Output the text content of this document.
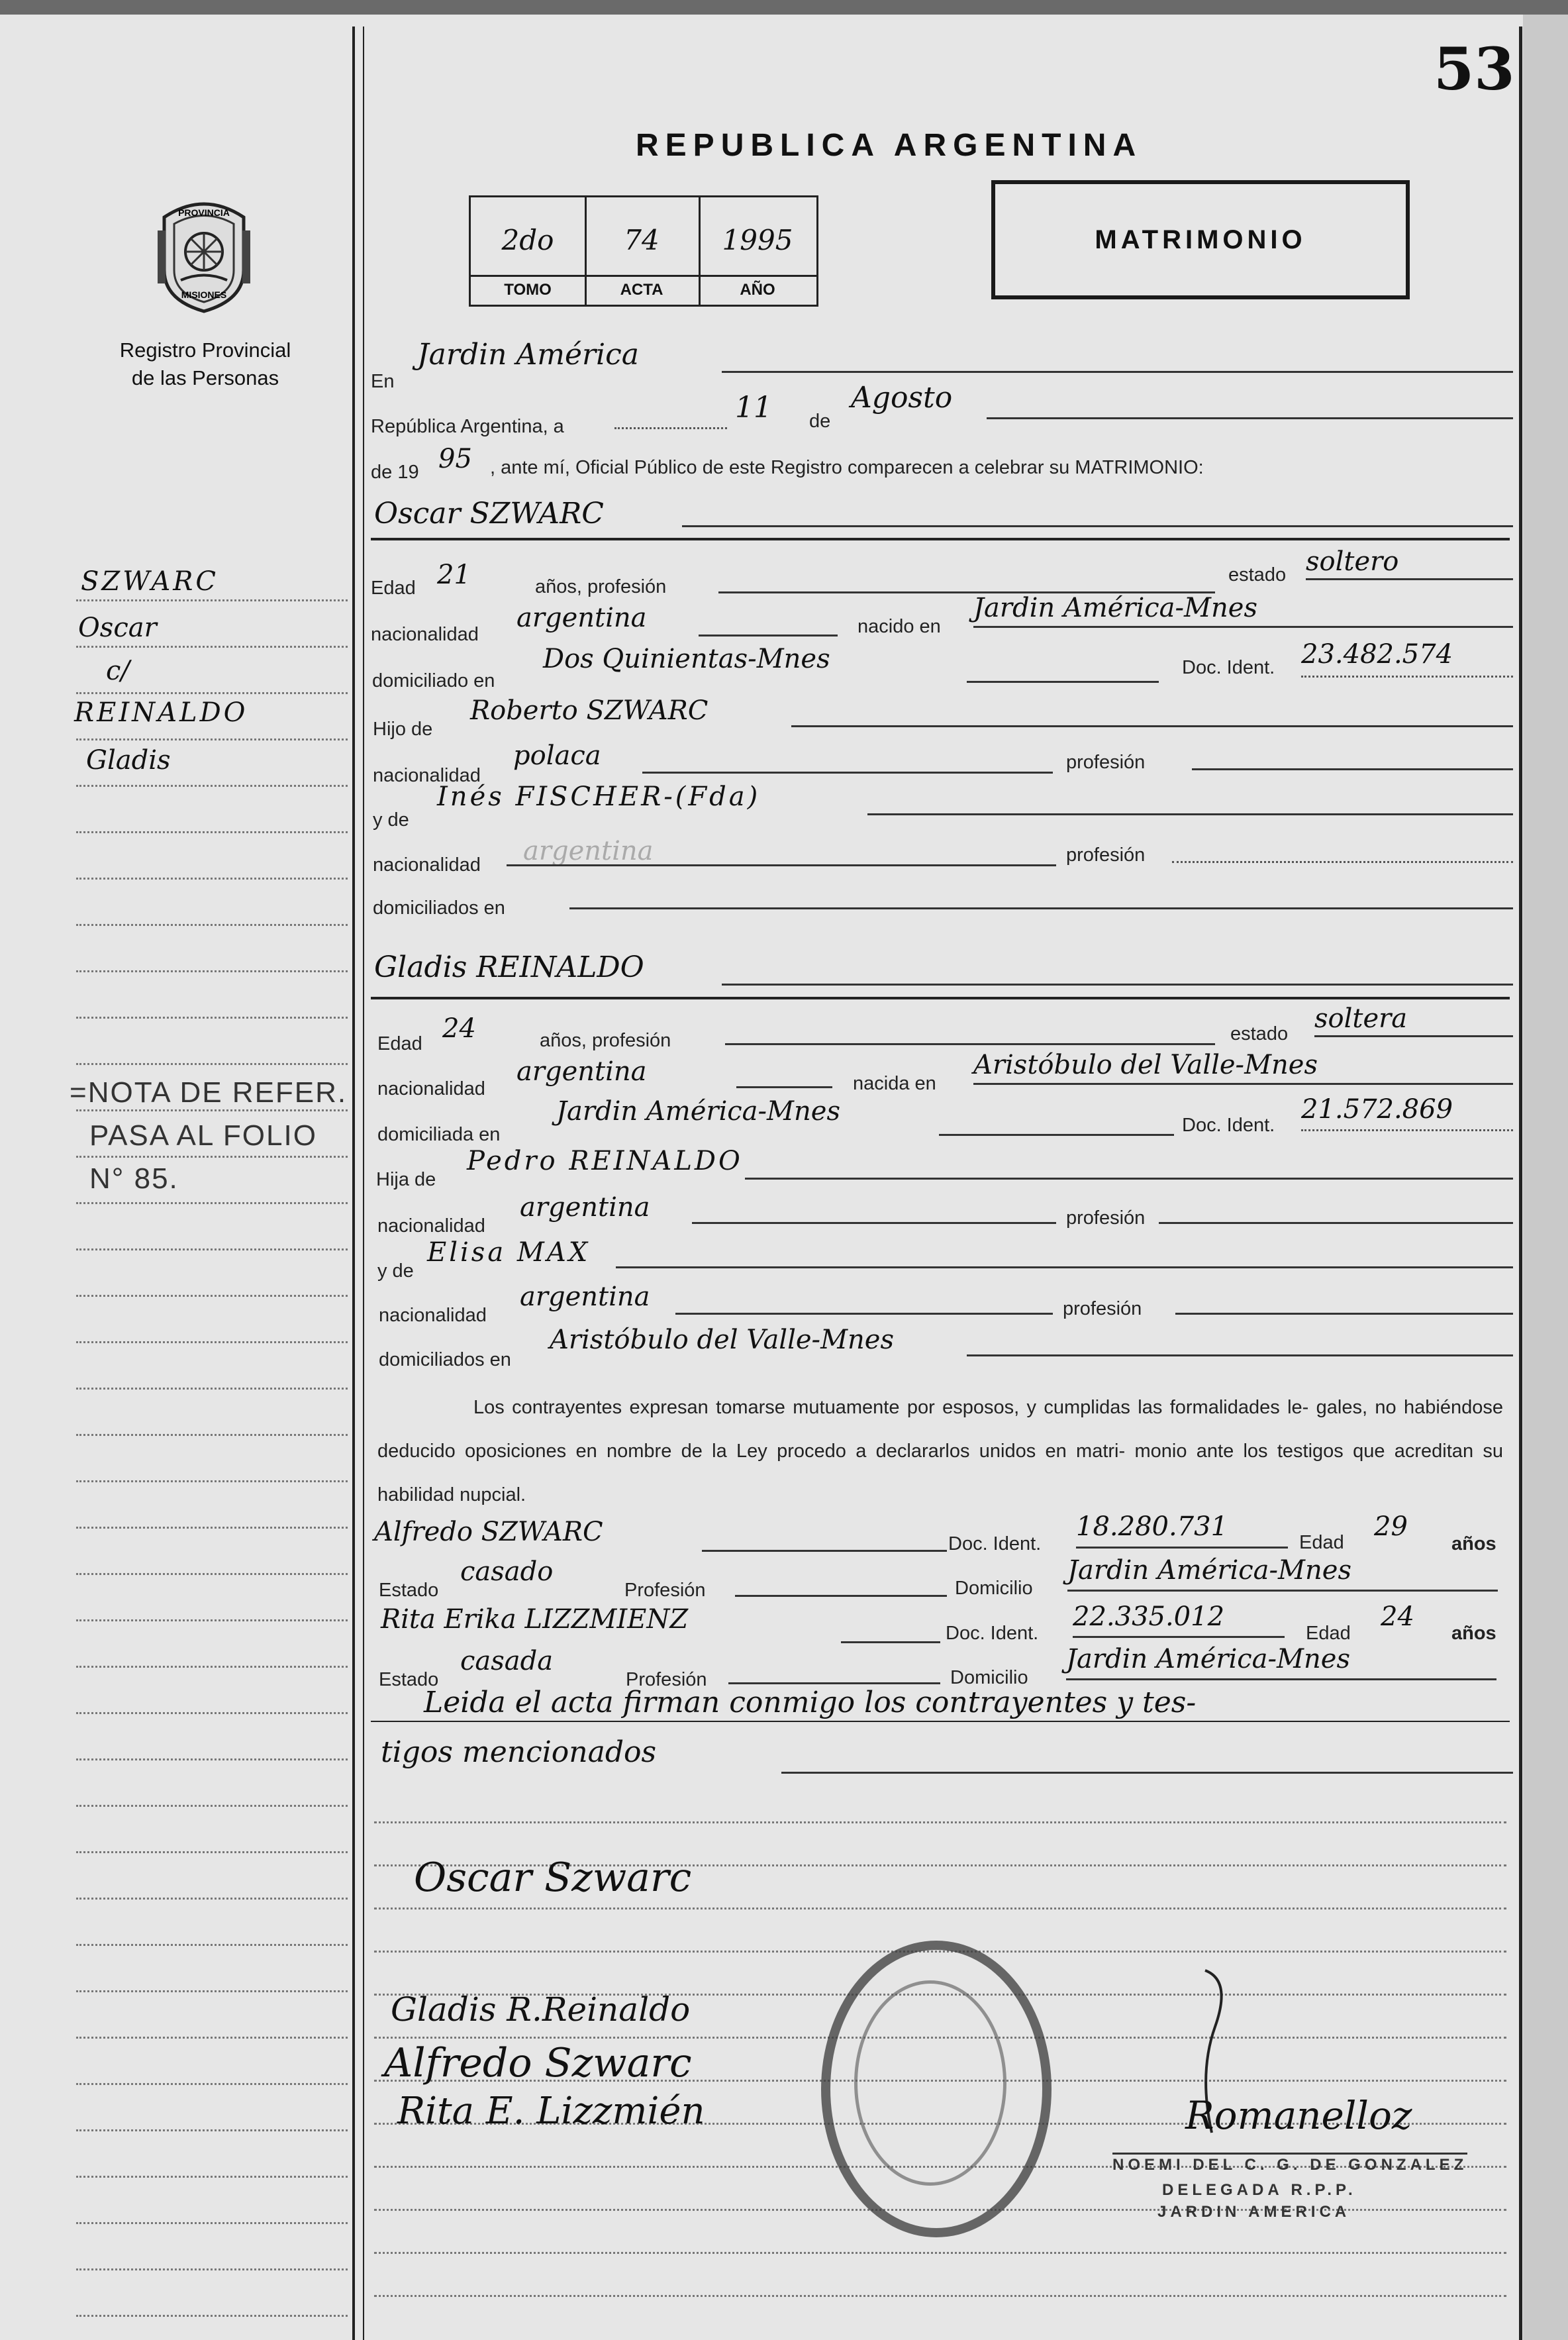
53
REPUBLICA ARGENTINA
PROVINCIA
MISIONES
Registro Provincial
de las Personas
2do
TOMO
74
ACTA
1995
AÑO
MATRIMONIO
SZWARC
Oscar
c/
REINALDO
Gladis
=NOTA DE REFER.
PASA AL FOLIO
N° 85.
En
Jardin América
República Argentina, a
11 de
Agosto
de 19 95 , ante mí, Oficial Público de este Registro comparecen a celebrar su MATRIMONIO:
Oscar SZWARC
Edad 21	años, profesión
estado soltero
nacionalidad
argentina	nacido en
Jardin América-Mnes
domiciliado en
Dos Quinientas-Mnes	Doc. Ident. 23.482.574
Hijo de
Roberto SZWARC
nacionalidad
polaca	profesión
y de
Inés FISCHER-(Fda)
nacionalidad argentina	profesión
domiciliados en
Gladis REINALDO
Edad 24	años, profesión	estado soltera
nacionalidad
argentina	nacida en
Aristóbulo del Valle-Mnes
domiciliada en
Jardin América-Mnes	Doc. Ident.
21.572.869
Hija de
Pedro REINALDO
nacionalidad
argentina	profesión
y de
Elisa MAX
nacionalidad
argentina	profesión
domiciliados en
Aristóbulo del Valle-Mnes
Los contrayentes expresan tomarse mutuamente por esposos, y cumplidas las formalidades le- gales, no habiéndose deducido oposiciones en nombre de la Ley procedo a declararlos unidos en matri- monio ante los testigos que acreditan su habilidad nupcial.
Alfredo SZWARC	Doc. Ident.
18.280.731
Edad
29
años
Estado
casado
Profesión	Domicilio
Jardin América-Mnes
Rita Erika LIZZMIENZ	Doc. Ident.
22.335.012
Edad
24
años
Estado
casada
Profesión	Domicilio
Jardin América-Mnes
Leida el acta firman conmigo los contrayentes y tes-
tigos mencionados
Oscar Szwarc
Gladis R.Reinaldo
Alfredo Szwarc
Rita E. Lizzmién	Romanelloz
NOEMI DEL C. G. DE GONZALEZ
DELEGADA R.P.P.
JARDIN AMERICA
